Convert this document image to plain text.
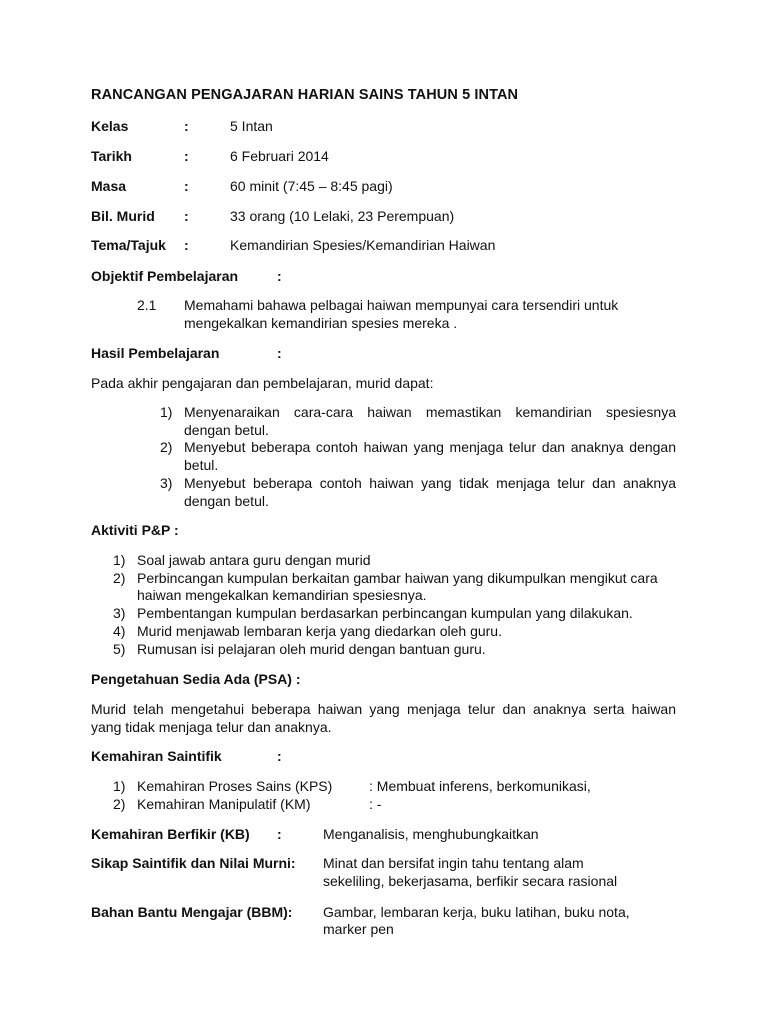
RANCANGAN PENGAJARAN HARIAN SAINS TAHUN 5 INTAN
Kelas	:	5 Intan
Tarikh	:	6 Februari 2014
Masa	:	60 minit (7:45 – 8:45 pagi)
Bil. Murid :	33 orang (10 Lelaki, 23 Perempuan)
Tema/Tajuk :	Kemandirian Spesies/Kemandirian Haiwan
Objektif Pembelajaran	:
2.1 Memahami bahawa pelbagai haiwan mempunyai cara tersendiri untuk
mengekalkan kemandirian spesies mereka .
Hasil Pembelajaran	:
Pada akhir pengajaran dan pembelajaran, murid dapat:
1) Menyenaraikan cara-cara haiwan memastikan kemandirian spesiesnya
dengan betul.
2) Menyebut beberapa contoh haiwan yang menjaga telur dan anaknya dengan
betul.
3) Menyebut beberapa contoh haiwan yang tidak menjaga telur dan anaknya
dengan betul.
Aktiviti P&P :
1) Soal jawab antara guru dengan murid
2) Perbincangan kumpulan berkaitan gambar haiwan yang dikumpulkan mengikut cara
haiwan mengekalkan kemandirian spesiesnya.
3) Pembentangan kumpulan berdasarkan perbincangan kumpulan yang dilakukan.
4) Murid menjawab lembaran kerja yang diedarkan oleh guru.
5) Rumusan isi pelajaran oleh murid dengan bantuan guru.
Pengetahuan Sedia Ada (PSA) :
Murid telah mengetahui beberapa haiwan yang menjaga telur dan anaknya serta haiwan
yang tidak menjaga telur dan anaknya.
Kemahiran Saintifik	:
1) Kemahiran Proses Sains (KPS)	: Membuat inferens, berkomunikasi,
2) Kemahiran Manipulatif (KM)	: -
Kemahiran Berfikir (KB) :	Menganalisis, menghubungkaitkan
Sikap Saintifik dan Nilai Murni: Minat dan bersifat ingin tahu tentang alam
sekeliling, bekerjasama, berfikir secara rasional
Bahan Bantu Mengajar (BBM): Gambar, lembaran kerja, buku latihan, buku nota,
marker pen
